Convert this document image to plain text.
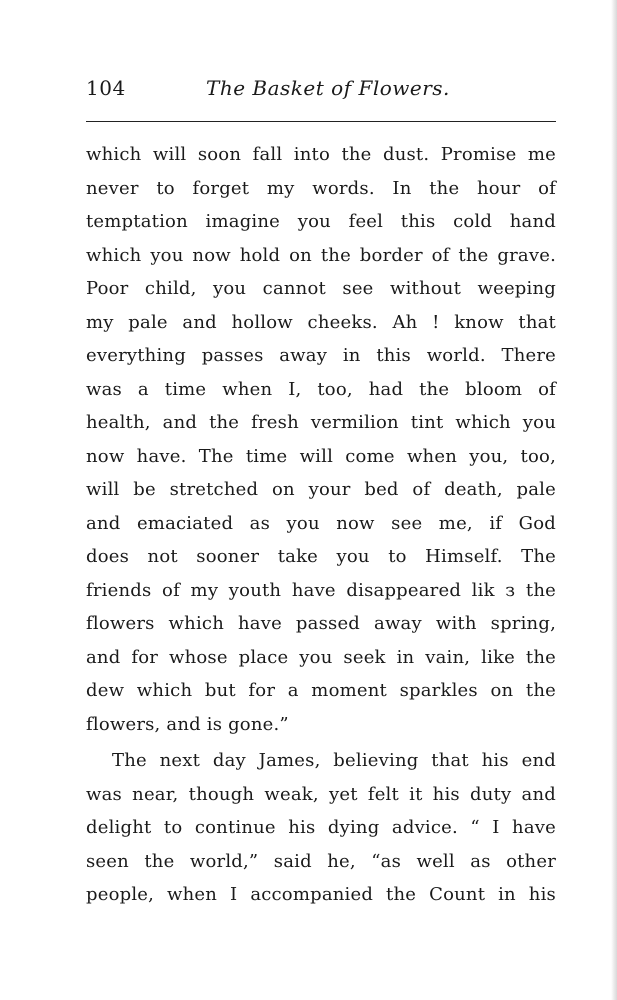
104	The Basket of Flowers.
which will soon fall into the dust. Promise me
never to forget my words. In the hour of
temptation imagine you feel this cold hand
which you now hold on the border of the grave.
Poor child, you cannot see without weeping
my pale and hollow cheeks. Ah ! know that
everything passes away in this world. There
was a time when I, too, had the bloom of
health, and the fresh vermilion tint which you
now have. The time will come when you, too,
will be stretched on your bed of death, pale
and emaciated as you now see me, if God
does not sooner take you to Himself. The
friends of my youth have disappeared lik з the
flowers which have passed away with spring,
and for whose place you seek in vain, like the
dew which but for a moment sparkles on the
flowers, and is gone.”
The next day James, believing that his end
was near, though weak, yet felt it his duty and
delight to continue his dying advice. “ I have
seen the world,” said he, “as well as other
people, when I accompanied the Count in his
